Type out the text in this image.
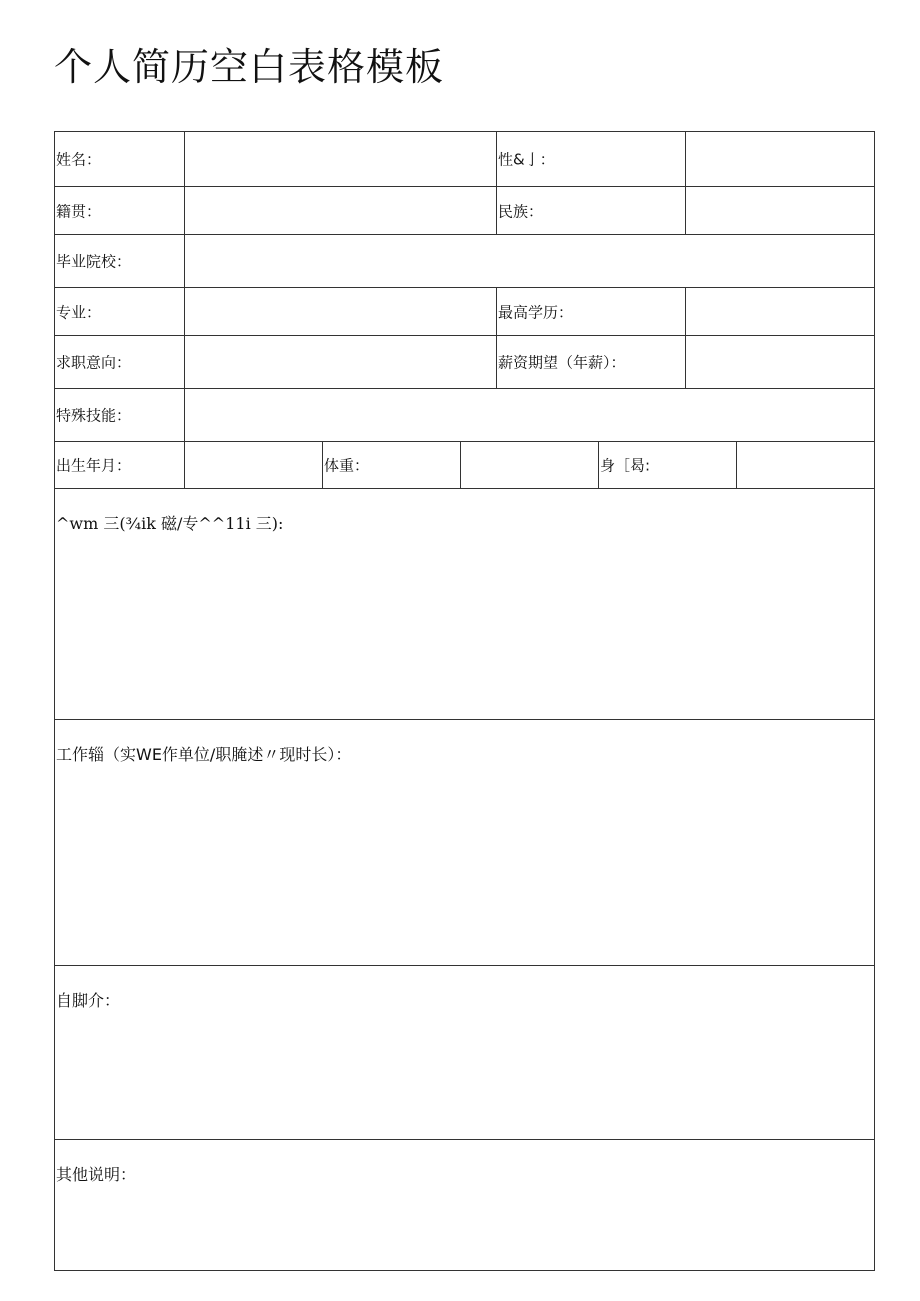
个人简历空白表格模板
姓名：	性&亅：
籍贯：	民族：
毕业院校：
专业：	最高学历：
求职意向：	薪资期望（年薪）：
特殊技能：
出生年月：	体重：	身［曷:
^wm 三(¾ik 磁/专^^11i 三):
工作辎（实WE作单位/职腌述〃现时长）：
自脚介：
其他说明：
